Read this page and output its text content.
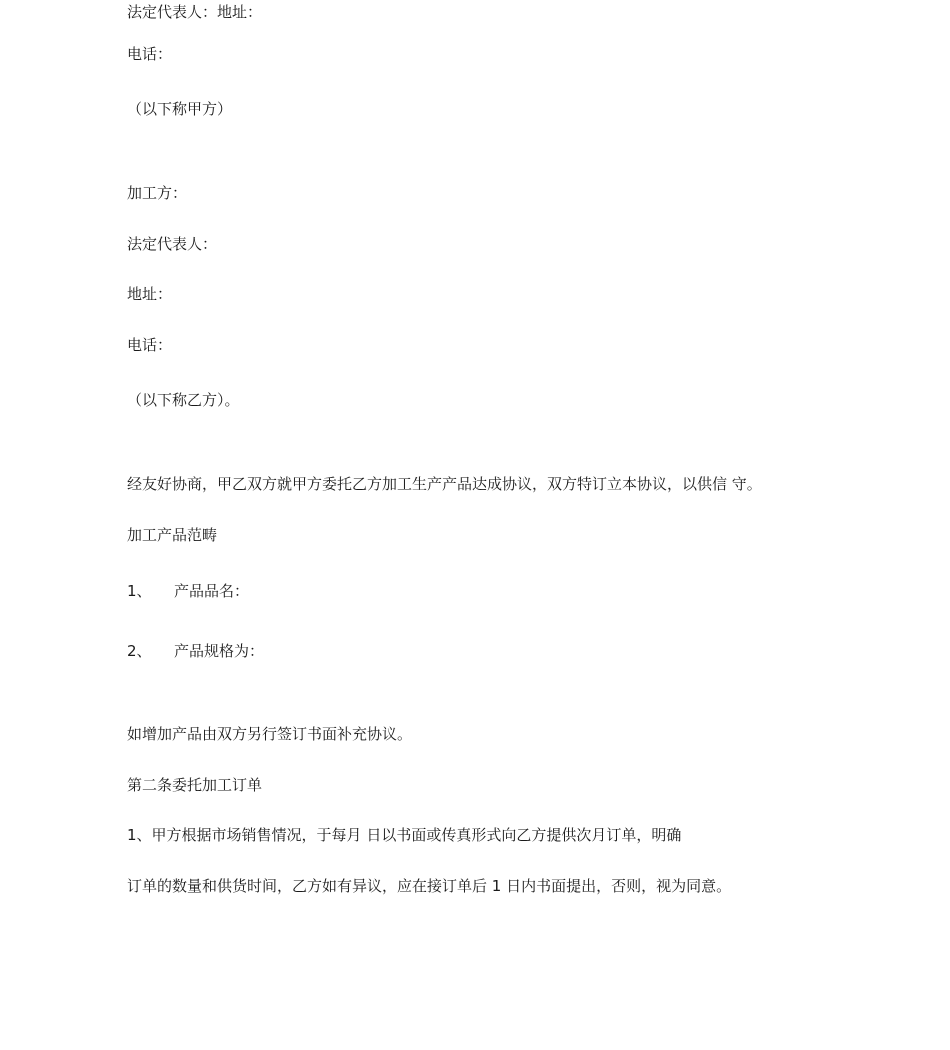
法定代表人：地址：
电话：
（以下称甲方）
加工方：
法定代表人：
地址：
电话：
（以下称乙方）。
经友好协商，甲乙双方就甲方委托乙方加工生产产品达成协议，双方特订立本协议，以供信 守。
加工产品范畴
1、 产品品名：
2、 产品规格为：
如增加产品由双方另行签订书面补充协议。
第二条委托加工订单
1、甲方根据市场销售情况，于每月 日以书面或传真形式向乙方提供次月订单，明确
订单的数量和供货时间，乙方如有异议，应在接订单后 1 日内书面提出，否则，视为同意。
